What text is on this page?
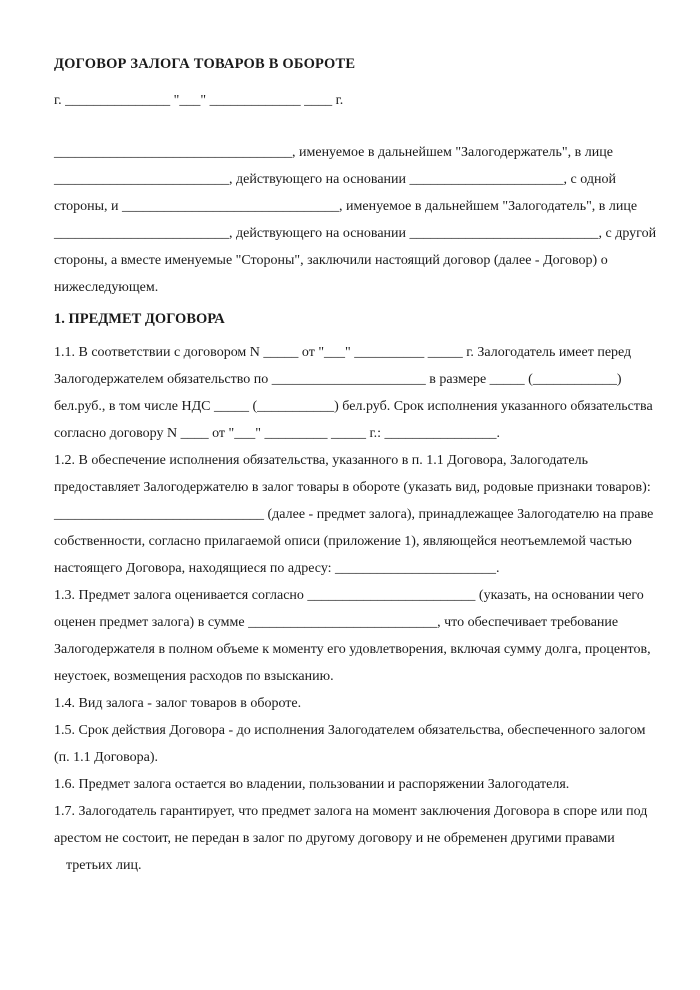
ДОГОВОР ЗАЛОГА ТОВАРОВ В ОБОРОТЕ

г. _______________ "___" _____________ ____ г.

__________________________________, именуемое в дальнейшем "Залогодержатель", в лице
_________________________, действующего на основании ______________________, с одной
стороны, и _______________________________, именуемое в дальнейшем "Залогодатель", в лице
_________________________, действующего на основании ___________________________, с другой
стороны, а вместе именуемые "Стороны", заключили настоящий договор (далее - Договор) о
нижеследующем.
1. ПРЕДМЕТ ДОГОВОРА
1.1. В соответствии с договором N _____ от "___" __________ _____ г. Залогодатель имеет перед
Залогодержателем обязательство по ______________________ в размере _____ (____________)
бел.руб., в том числе НДС _____ (___________) бел.руб. Срок исполнения указанного обязательства
согласно договору N ____ от "___" _________ _____ г.: ________________.
1.2. В обеспечение исполнения обязательства, указанного в п. 1.1 Договора, Залогодатель
предоставляет Залогодержателю в залог товары в обороте (указать вид, родовые признаки товаров):
______________________________ (далее - предмет залога), принадлежащее Залогодателю на праве
собственности, согласно прилагаемой описи (приложение 1), являющейся неотъемлемой частью
настоящего Договора, находящиеся по адресу: _______________________.
1.3. Предмет залога оценивается согласно ________________________ (указать, на основании чего
оценен предмет залога) в сумме ___________________________, что обеспечивает требование
Залогодержателя в полном объеме к моменту его удовлетворения, включая сумму долга, процентов,
неустоек, возмещения расходов по взысканию.
1.4. Вид залога - залог товаров в обороте.
1.5. Срок действия Договора - до исполнения Залогодателем обязательства, обеспеченного залогом
(п. 1.1 Договора).
1.6. Предмет залога остается во владении, пользовании и распоряжении Залогодателя.
1.7. Залогодатель гарантирует, что предмет залога на момент заключения Договора в споре или под
арестом не состоит, не передан в залог по другому договору и не обременен другими правами
третьих лиц.
